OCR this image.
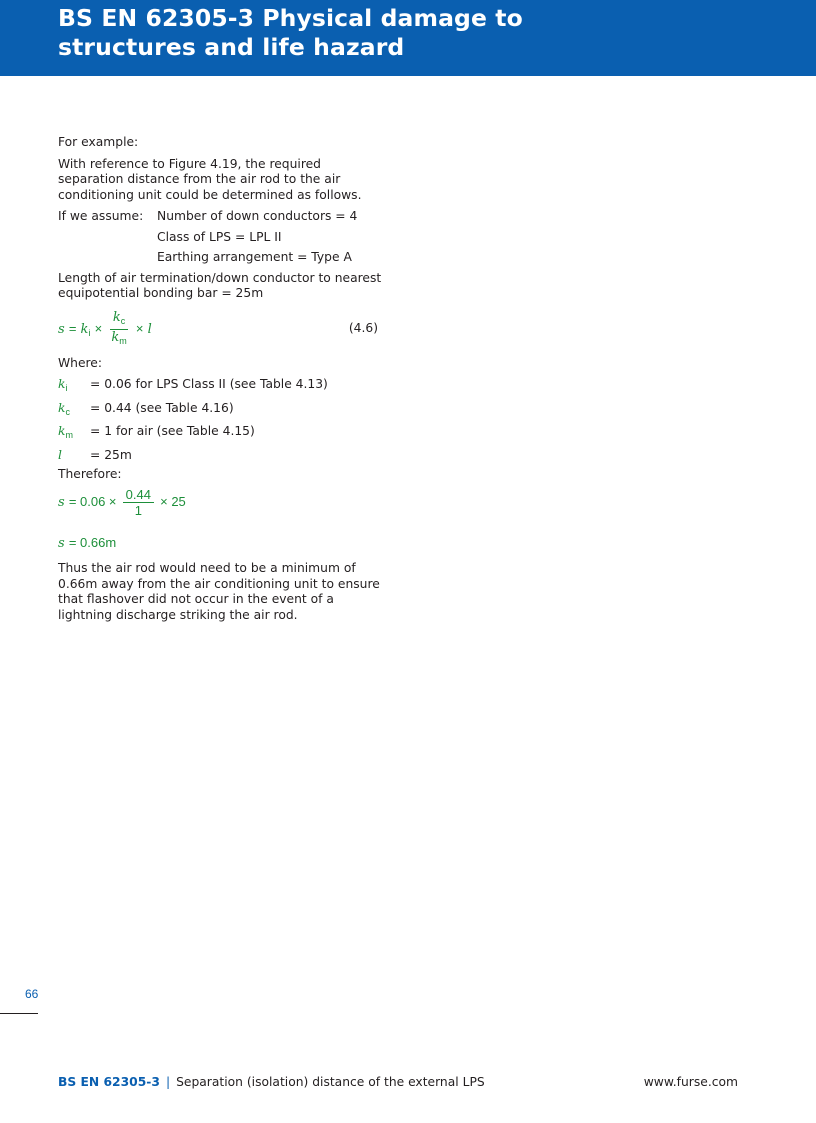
BS EN 62305-3 Physical damage to
structures and life hazard

For example:

With reference to Figure 4.19, the required separation distance from the air rod to the air conditioning unit could be determined as follows.

If we assume:	Number of down conductors = 4
Class of LPS = LPL II
Earthing arrangement = Type A

Length of air termination/down conductor to nearest equipotential bonding bar = 25m

$s = k_i \times \frac{k_c}{k_m} \times l$	(4.6)

Where:

$k_i$	= 0.06 for LPS Class II (see Table 4.13)
$k_c$	= 0.44 (see Table 4.16)
$k_m$	= 1 for air (see Table 4.15)
l	= 25m

Therefore:

$s = 0.06 \times \frac{0.44}{1} \times 25$
s = 0.66m

Thus the air rod would need to be a minimum of 0.66m away from the air conditioning unit to ensure that flashover did not occur in the event of a lightning discharge striking the air rod.

66
BS EN 62305-3 | Separation (isolation) distance of the external LPS	www.furse.com
